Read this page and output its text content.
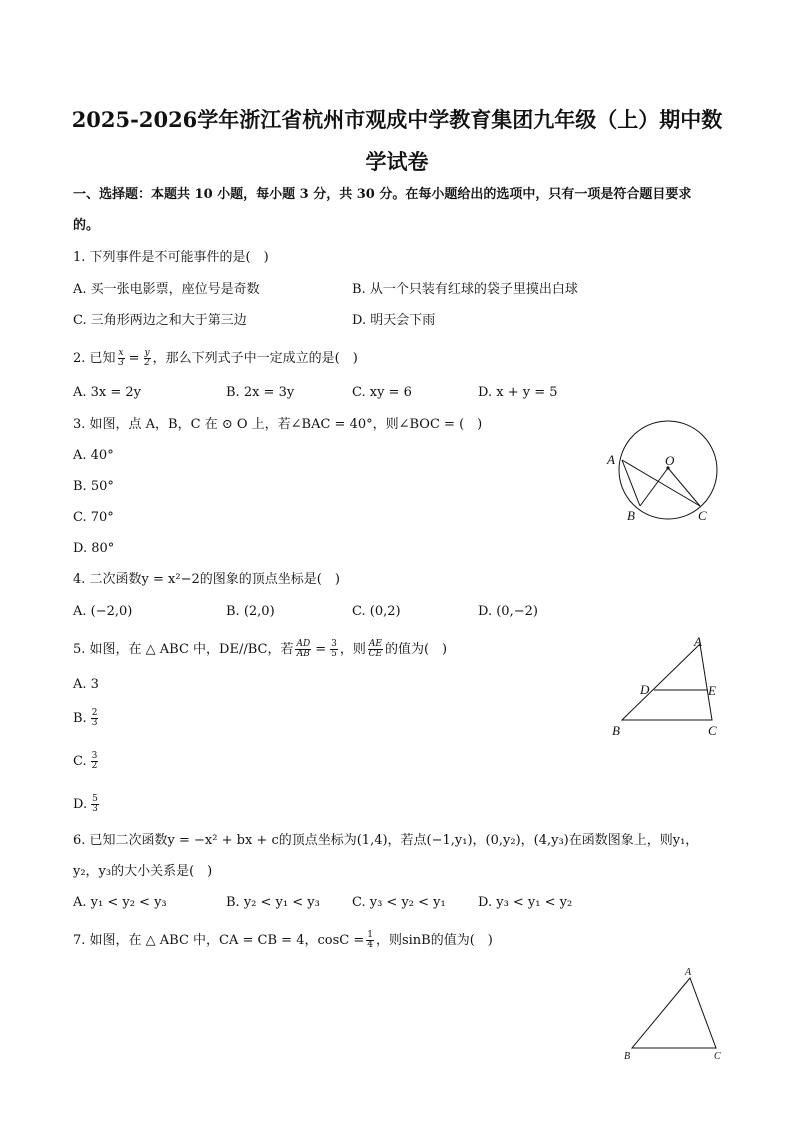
2025-2026学年浙江省杭州市观成中学教育集团九年级（上）期中数
学试卷
一、选择题：本题共 10 小题，每小题 3 分，共 30 分。在每小题给出的选项中，只有一项是符合题目要求
的。
1. 下列事件是不可能事件的是(　)
A. 买一张电影票，座位号是奇数	B. 从一个只装有红球的袋子里摸出白球
C. 三角形两边之和大于第三边	D. 明天会下雨
2. 已知 $\frac{x}{3} = \frac{y}{2}$ ，那么下列式子中一定成立的是(　)
A. 3x = 2y	B. 2x = 3y	C. xy = 6	D. x + y = 5
3. 如图，点 A，B，C 在 ⊙ O 上，若∠BAC = 40°，则∠BOC = (　)
A. 40°
B. 50°
C. 70°
D. 80°
A	O
B	C
4. 二次函数y = x²−2的图象的顶点坐标是(　)
A. (−2,0)	B. (2,0)	C. (0,2)	D. (0,−2)
5. 如图，在 △ ABC 中，DE//BC，若 $\frac{AD}{AB} = \frac{3}{5}$ ，则 $\frac{AE}{CE}$ 的值为(　)
A. 3
B. $\frac{2}{3}$
C. $\frac{3}{2}$
D. $\frac{5}{3}$
A
D	E
B	C
6. 已知二次函数y = −x² + bx + c的顶点坐标为(1,4)，若点(−1,y₁)，(0,y₂)，(4,y₃)在函数图象上，则y₁，
y₂，y₃的大小关系是(　)
A. y₁ < y₂ < y₃	B. y₂ < y₁ < y₃ C. y₃ < y₂ < y₁ D. y₃ < y₁ < y₂
7. 如图，在 △ ABC 中，CA = CB = 4，$\cos C = \frac{1}{4}$ ，则sinB的值为(　)
A
B	C
